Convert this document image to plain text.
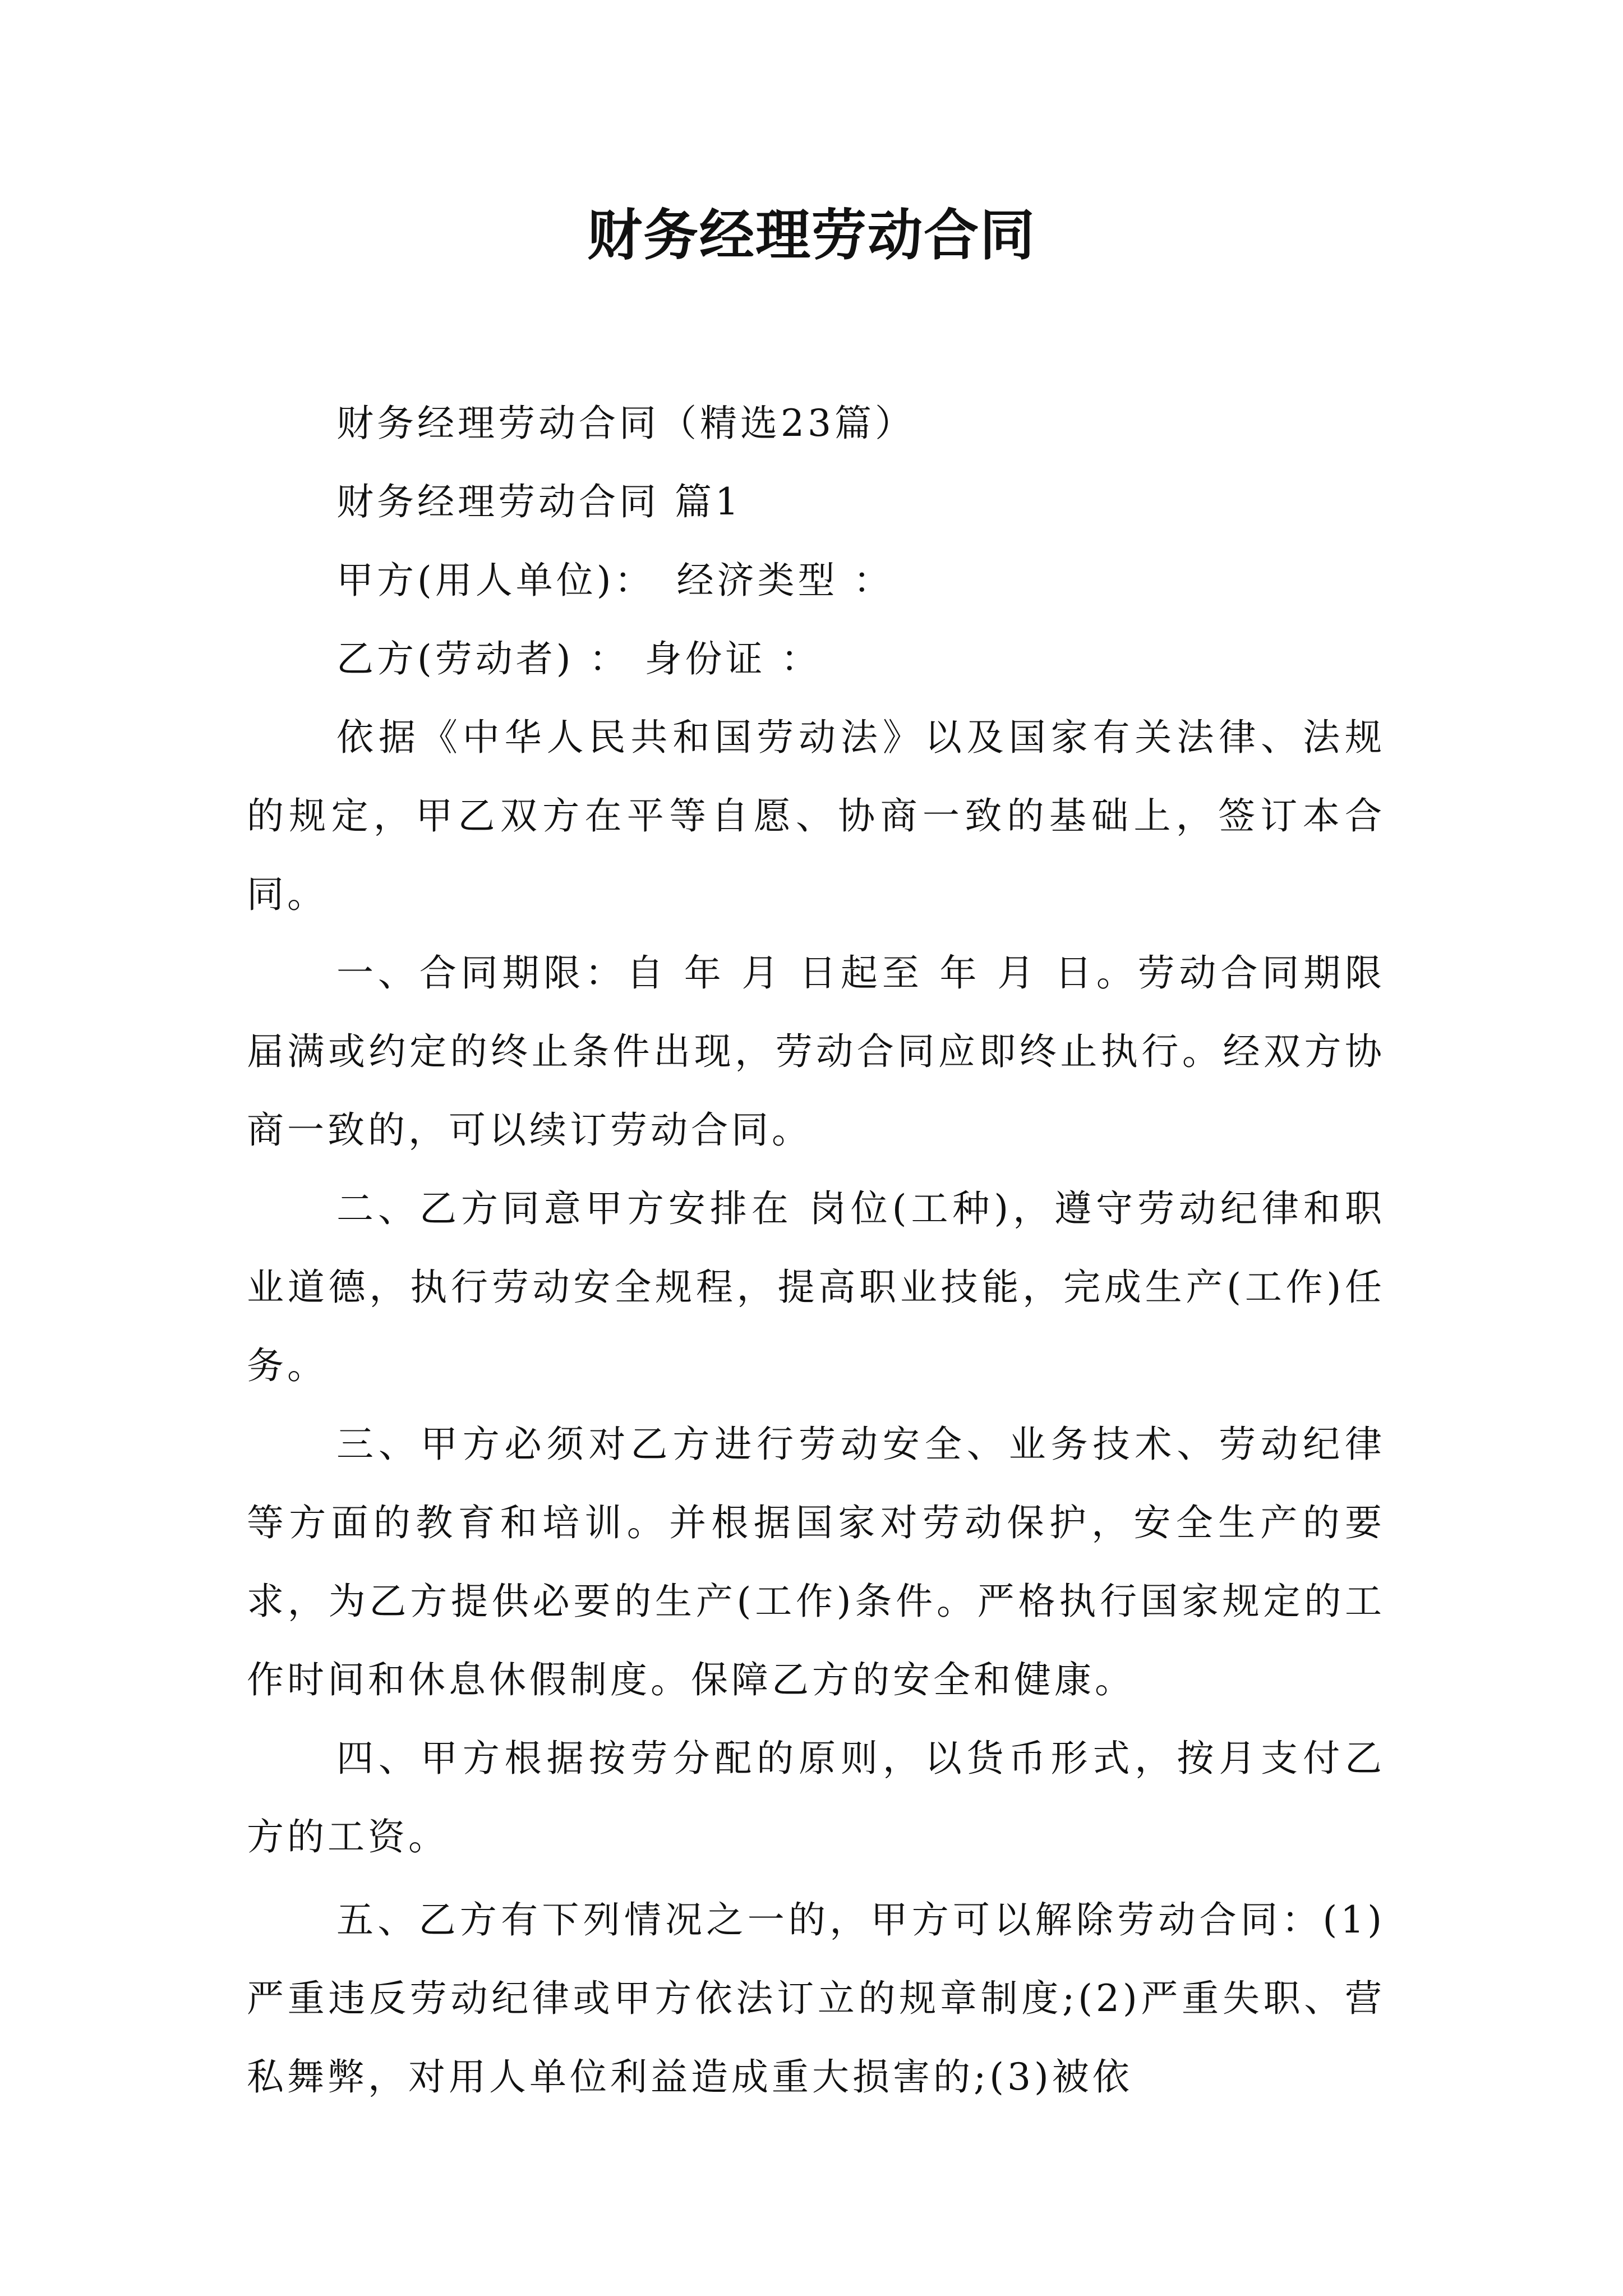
财务经理劳动合同

财务经理劳动合同（精选23篇）

财务经理劳动合同 篇1

甲方(用人单位)：　经济类型 ：

乙方(劳动者) ： 身份证 ：

依据《中华人民共和国劳动法》以及国家有关法律、法规的规定，甲乙双方在平等自愿、协商一致的基础上，签订本合同。

一、合同期限：自 年 月 日起至 年 月 日。劳动合同期限届满或约定的终止条件出现，劳动合同应即终止执行。经双方协商一致的，可以续订劳动合同。

二、乙方同意甲方安排在 岗位(工种)，遵守劳动纪律和职业道德，执行劳动安全规程，提高职业技能，完成生产(工作)任务。

三、甲方必须对乙方进行劳动安全、业务技术、劳动纪律等方面的教育和培训。并根据国家对劳动保护，安全生产的要求，为乙方提供必要的生产(工作)条件。严格执行国家规定的工作时间和休息休假制度。保障乙方的安全和健康。

四、甲方根据按劳分配的原则，以货币形式，按月支付乙方的工资。

五、乙方有下列情况之一的，甲方可以解除劳动合同：(1)严重违反劳动纪律或甲方依法订立的规章制度;(2)严重失职、营私舞弊，对用人单位利益造成重大损害的;(3)被依
